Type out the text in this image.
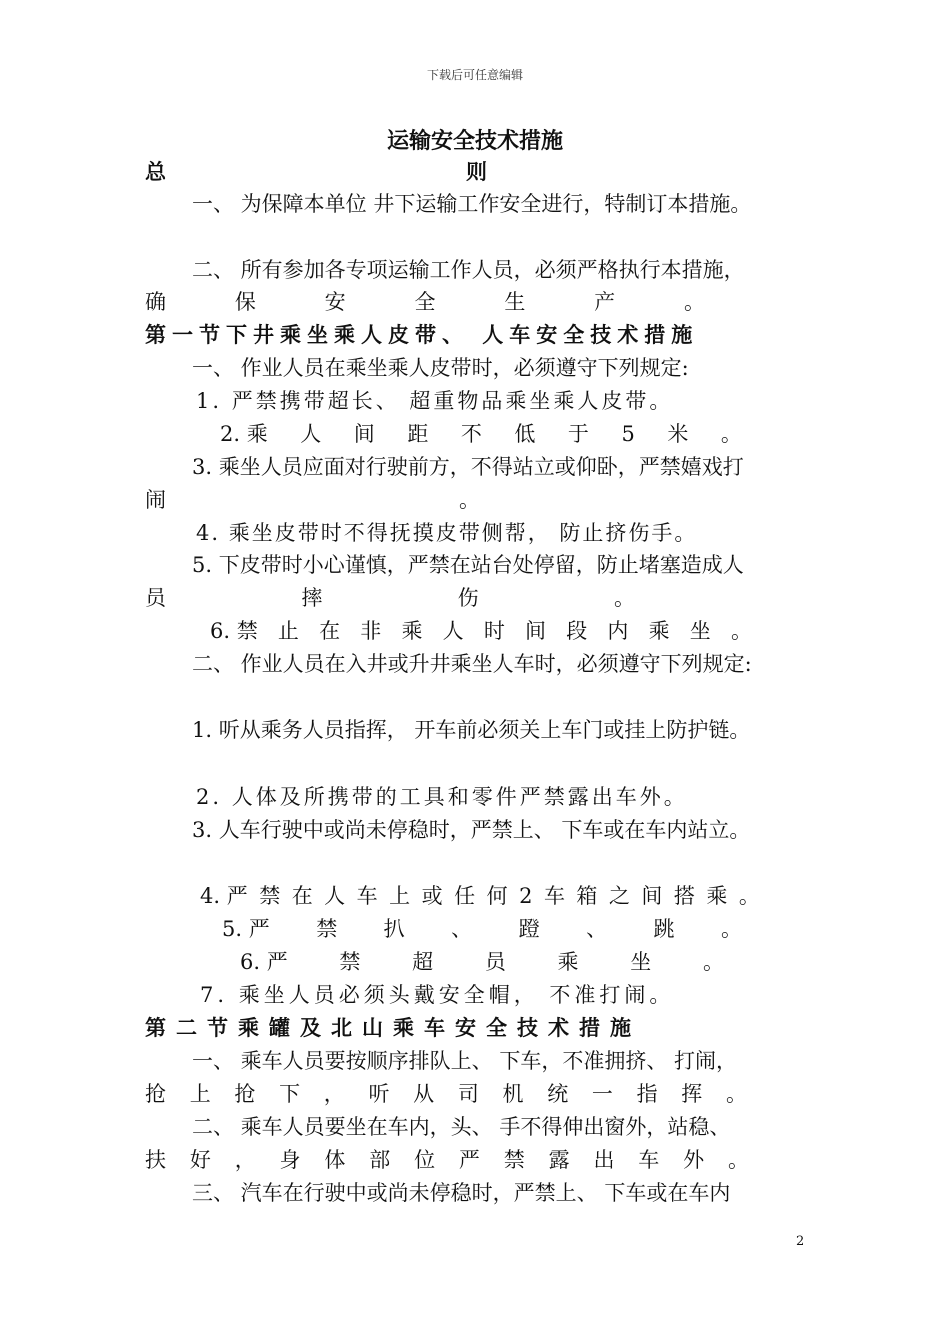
下载后可任意编辑
运输安全技术措施
总	则
一、 为保障本单位 井下运输工作安全进行，特制订本措施。
二、 所有参加各专项运输工作人员，必须严格执行本措施，
确	保	安	全	生	产	。
第一节下井乘坐乘人皮带、 人车安全技术措施
一、 作业人员在乘坐乘人皮带时，必须遵守下列规定:
1. 严禁携带超长、 超重物品乘坐乘人皮带。
2. 乘 人 间 距 不 低 于 5 米 。
3. 乘坐人员应面对行驶前方，不得站立或仰卧，严禁嬉戏打
闹	。
4. 乘坐皮带时不得抚摸皮带侧帮， 防止挤伤手。
5. 下皮带时小心谨慎，严禁在站台处停留，防止堵塞造成人
员	摔	伤	。
6. 禁 止 在 非 乘 人 时 间 段 内 乘 坐 。
二、 作业人员在入井或升井乘坐人车时，必须遵守下列规定:
1. 听从乘务人员指挥， 开车前必须关上车门或挂上防护链。
2. 人体及所携带的工具和零件严禁露出车外。
3. 人车行驶中或尚未停稳时，严禁上、 下车或在车内站立。
4. 严 禁 在 人 车 上 或 任 何 2 车 箱 之 间 搭 乘 。
5. 严 禁 扒 、 蹬 、 跳 。
6. 严 禁 超 员 乘 坐 。
7. 乘坐人员必须头戴安全帽， 不准打闹。
第二节乘罐及北山乘车安全技术措施
一、 乘车人员要按顺序排队上、 下车，不准拥挤、 打闹，
抢 上 抢 下 ， 听 从 司 机 统 一 指 挥 。
二、 乘车人员要坐在车内，头、 手不得伸出窗外，站稳、
扶 好 ， 身 体 部 位 严 禁 露 出 车 外 。
三、 汽车在行驶中或尚未停稳时，严禁上、 下车或在车内
2
